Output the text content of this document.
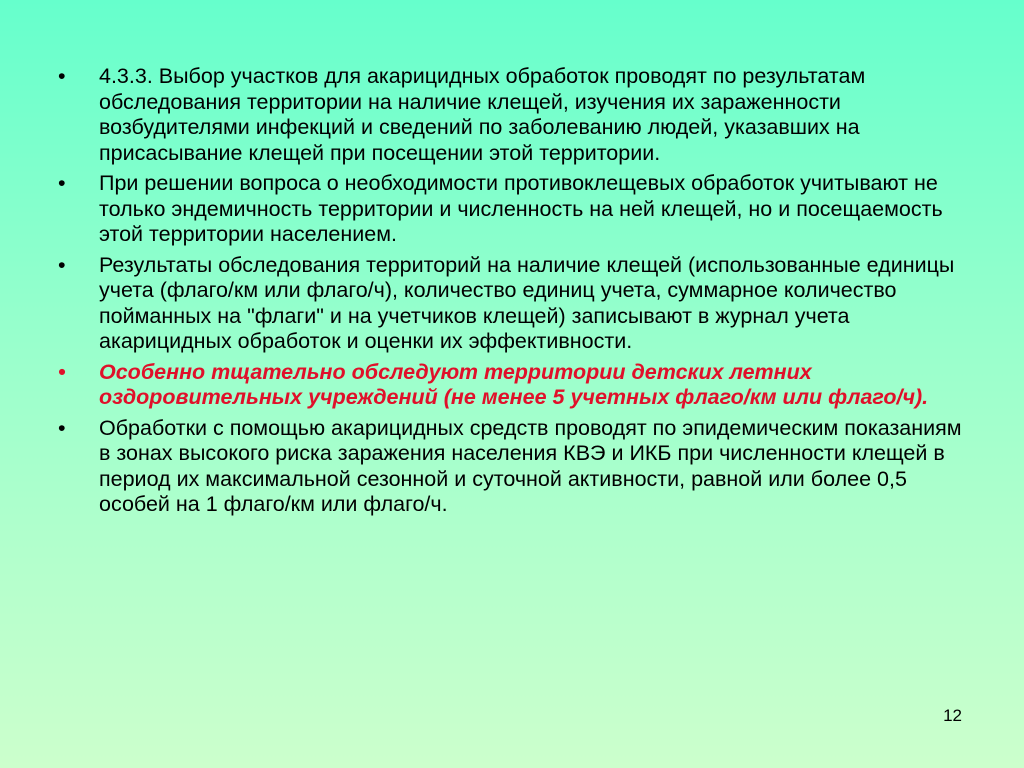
•	4.3.3. Выбор участков для акарицидных обработок проводят по результатам обследования территории на наличие клещей, изучения их зараженности возбудителями инфекций и сведений по заболеванию людей, указавших на присасывание клещей при посещении этой территории.
•	При решении вопроса о необходимости противоклещевых обработок учитывают не только эндемичность территории и численность на ней клещей, но и посещаемость этой территории населением.
•	Результаты обследования территорий на наличие клещей (использованные единицы учета (флаго/км или флаго/ч), количество единиц учета, суммарное количество пойманных на "флаги" и на учетчиков клещей) записывают в журнал учета акарицидных обработок и оценки их эффективности.
•	Особенно тщательно обследуют территории детских летних оздоровительных учреждений (не менее 5 учетных флаго/км или флаго/ч).
•	Обработки с помощью акарицидных средств проводят по эпидемическим показаниям в зонах высокого риска заражения населения КВЭ и ИКБ при численности клещей в период их максимальной сезонной и суточной активности, равной или более 0,5 особей на 1 флаго/км или флаго/ч.
12
